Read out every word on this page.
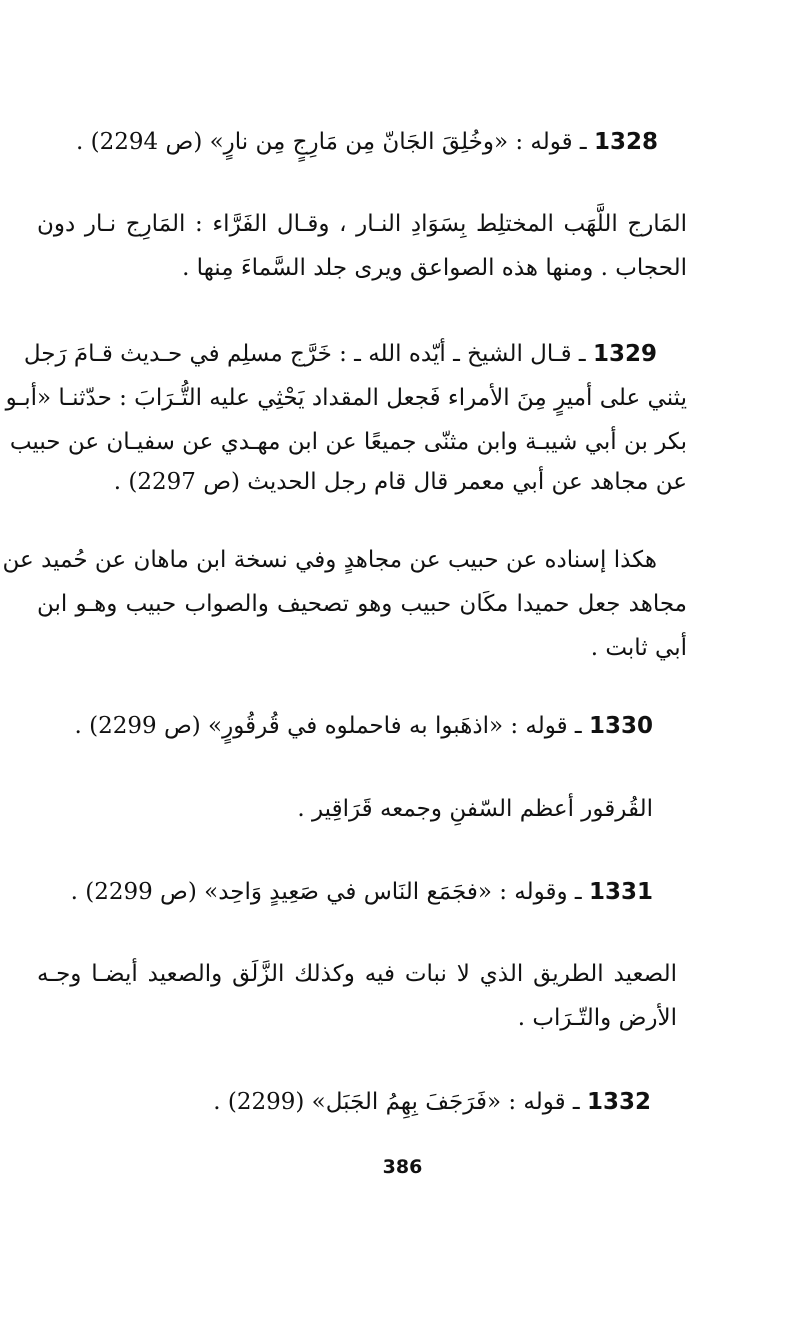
1328 ـ قوله : «وخُلِقَ الجَانّ مِن مَارِجٍ مِن نارٍ» (ص 2294) .
المَارج اللَّهَب المختلِط بِسَوَادِ النـار ، وقـال الفَرَّاء : المَارِج نـار دون
الحجاب . ومنها هذه الصواعق ويرى جلد السَّماءَ مِنها .
1329 ـ قـال الشيخ ـ أيّده الله ـ : خَرَّج مسلِم في حـديث قـامَ رَجل
يثني على أميرٍ مِنَ الأمراء فَجعل المقداد يَحْثِي عليه التُّـرَابَ : حدّثنـا «أبـو
بكر بن أبي شيبـة وابن مثنّى جميعًا عن ابن مهـدي عن سفيـان عن حبيب
عن مجاهد عن أبي معمر قال قام رجل الحديث (ص 2297) .
هكذا إسناده عن حبيب عن مجاهدٍ وفي نسخة ابن ماهان عن حُميد عن
مجاهد جعل حميدا مكَان حبيب وهو تصحيف والصواب حبيب وهـو ابن
أبي ثابت .
1330 ـ قوله : «اذهَبوا به فاحملوه في قُرقُورٍ» (ص 2299) .
القُرقور أعظم السّفنِ وجمعه قَرَاقِير .
1331 ـ وقوله : «فجَمَع النَاس في صَعِيدٍ وَاحِد» (ص 2299) .
الصعيد الطريق الذي لا نبات فيه وكذلك الزَّلَق والصعيد أيضـا وجـه
الأرض والتّـرَاب .
1332 ـ قوله : «فَرَجَفَ بِهِمُ الجَبَل» (2299) .
386
